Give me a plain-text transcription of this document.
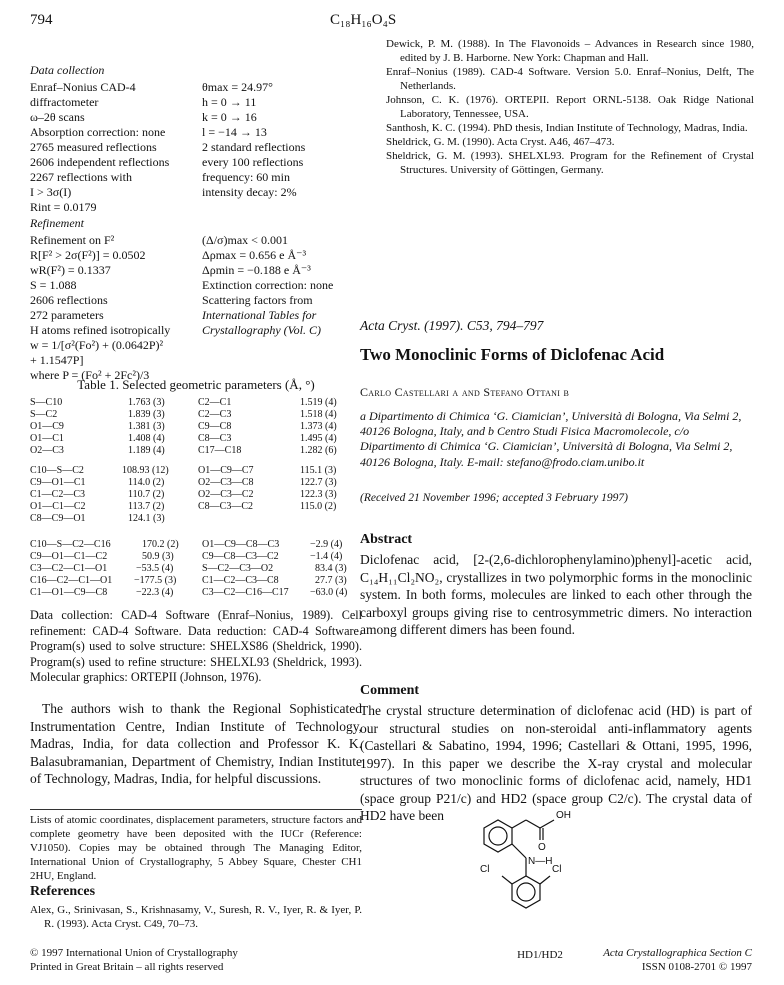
794	C₁₈H₁₆O₄S
Data collection
Enraf–Nonius CAD-4
diffractometer
ω–2θ scans
Absorption correction: none
2765 measured reflections
2606 independent reflections
2267 reflections with
I > 3σ(I)
Rint = 0.0179
θmax = 24.97°
h = 0 → 11
k = 0 → 16
l = −14 → 13
2 standard reflections
every 100 reflections
frequency: 60 min
intensity decay: 2%
Refinement
Refinement on F²
R[F² > 2σ(F²)] = 0.0502
wR(F²) = 0.1337
S = 1.088
2606 reflections
272 parameters
H atoms refined isotropically
w = 1/[σ²(Fo²) + (0.0642P)²
+ 1.1547P]
where P = (Fo² + 2Fc²)/3
(Δ/σ)max < 0.001
Δρmax = 0.656 e Å⁻³
Δρmin = −0.188 e Å⁻³
Extinction correction: none
Scattering factors from
International Tables for
Crystallography (Vol. C)
Table 1. Selected geometric parameters (Å, °)
S—C10	1.763 (3)	C2—C1	1.519 (4)
S—C2	1.839 (3)	C2—C3	1.518 (4)
O1—C9	1.381 (3)	C9—C8	1.373 (4)
O1—C1	1.408 (4)	C8—C3	1.495 (4)
O2—C3	1.189 (4)	C17—C18	1.282 (6)
C10—S—C2	108.93 (12)	O1—C9—C7	115.1 (3)
C9—O1—C1	114.0 (2)	O2—C3—C8	122.7 (3)
C1—C2—C3	110.7 (2)	O2—C3—C2	122.3 (3)
O1—C1—C2	113.7 (2)	C8—C3—C2	115.0 (2)
C8—C9—O1	124.1 (3)
C10—S—C2—C16	170.2 (2) O1—C9—C8—C3	−2.9 (4)
C9—O1—C1—C2	50.9 (3)	C9—C8—C3—C2	−1.4 (4)
C3—C2—C1—O1	−53.5 (4)	S—C2—C3—O2	83.4 (3)
C16—C2—C1—O1 −177.5 (3)	C1—C2—C3—C8	27.7 (3)
C1—O1—C9—C8	−22.3 (4)	C3—C2—C16—C17 −63.0 (4)
Data collection: CAD-4 Software (Enraf–Nonius, 1989). Cell refinement: CAD-4 Software. Data reduction: CAD-4 Software. Program(s) used to solve structure: SHELXS86 (Sheldrick, 1990). Program(s) used to refine structure: SHELXL93 (Sheldrick, 1993). Molecular graphics: ORTEPII (Johnson, 1976).
The authors wish to thank the Regional Sophisticated Instrumentation Centre, Indian Institute of Technology, Madras, India, for data collection and Professor K. K. Balasubramanian, Department of Chemistry, Indian Institute of Technology, Madras, India, for helpful discussions.
Lists of atomic coordinates, displacement parameters, structure factors and complete geometry have been deposited with the IUCr (Reference: VJ1050). Copies may be obtained through The Managing Editor, International Union of Crystallography, 5 Abbey Square, Chester CH1 2HU, England.
References
Alex, G., Srinivasan, S., Krishnasamy, V., Suresh, R. V., Iyer, R. & Iyer, P. R. (1993). Acta Cryst. C49, 70–73.
© 1997 International Union of Crystallography
Printed in Great Britain – all rights reserved
Dewick, P. M. (1988). In The Flavonoids – Advances in Research since 1980, edited by J. B. Harborne. New York: Chapman and Hall.
Enraf–Nonius (1989). CAD-4 Software. Version 5.0. Enraf–Nonius, Delft, The Netherlands.
Johnson, C. K. (1976). ORTEPII. Report ORNL-5138. Oak Ridge National Laboratory, Tennessee, USA.
Santhosh, K. C. (1994). PhD thesis, Indian Institute of Technology, Madras, India.
Sheldrick, G. M. (1990). Acta Cryst. A46, 467–473.
Sheldrick, G. M. (1993). SHELXL93. Program for the Refinement of Crystal Structures. University of Göttingen, Germany.
Acta Cryst. (1997). C53, 794–797
Two Monoclinic Forms of Diclofenac Acid
Carlo Castellari a and Stefano Ottani b
a Dipartimento di Chimica ‘G. Ciamician’, Università di Bologna, Via Selmi 2, 40126 Bologna, Italy, and b Centro Studi Fisica Macromolecole, c/o Dipartimento di Chimica ‘G. Ciamician’, Università di Bologna, Via Selmi 2, 40126 Bologna, Italy. E-mail: stefano@frodo.ciam.unibo.it
(Received 21 November 1996; accepted 3 February 1997)
Abstract
Diclofenac acid, [2-(2,6-dichlorophenylamino)phenyl]-acetic acid, C₁₄H₁₁Cl₂NO₂, crystallizes in two polymorphic forms in the monoclinic system. In both forms, molecules are linked to each other through the carboxyl groups giving rise to centrosymmetric dimers. No interaction among different dimers has been found.
Comment
The crystal structure determination of diclofenac acid (HD) is part of our structural studies on non-steroidal anti-inflammatory agents (Castellari & Sabatino, 1994, 1996; Castellari & Ottani, 1995, 1996, 1997). In this paper we describe the X-ray crystal and molecular structures of two monoclinic forms of diclofenac acid, namely, HD1 (space group P21/c) and HD2 (space group C2/c). The crystal data of HD2 have been	OH
O
N—H
Cl	Cl
HD1/HD2	Acta Crystallographica Section C
ISSN 0108-2701 © 1997
